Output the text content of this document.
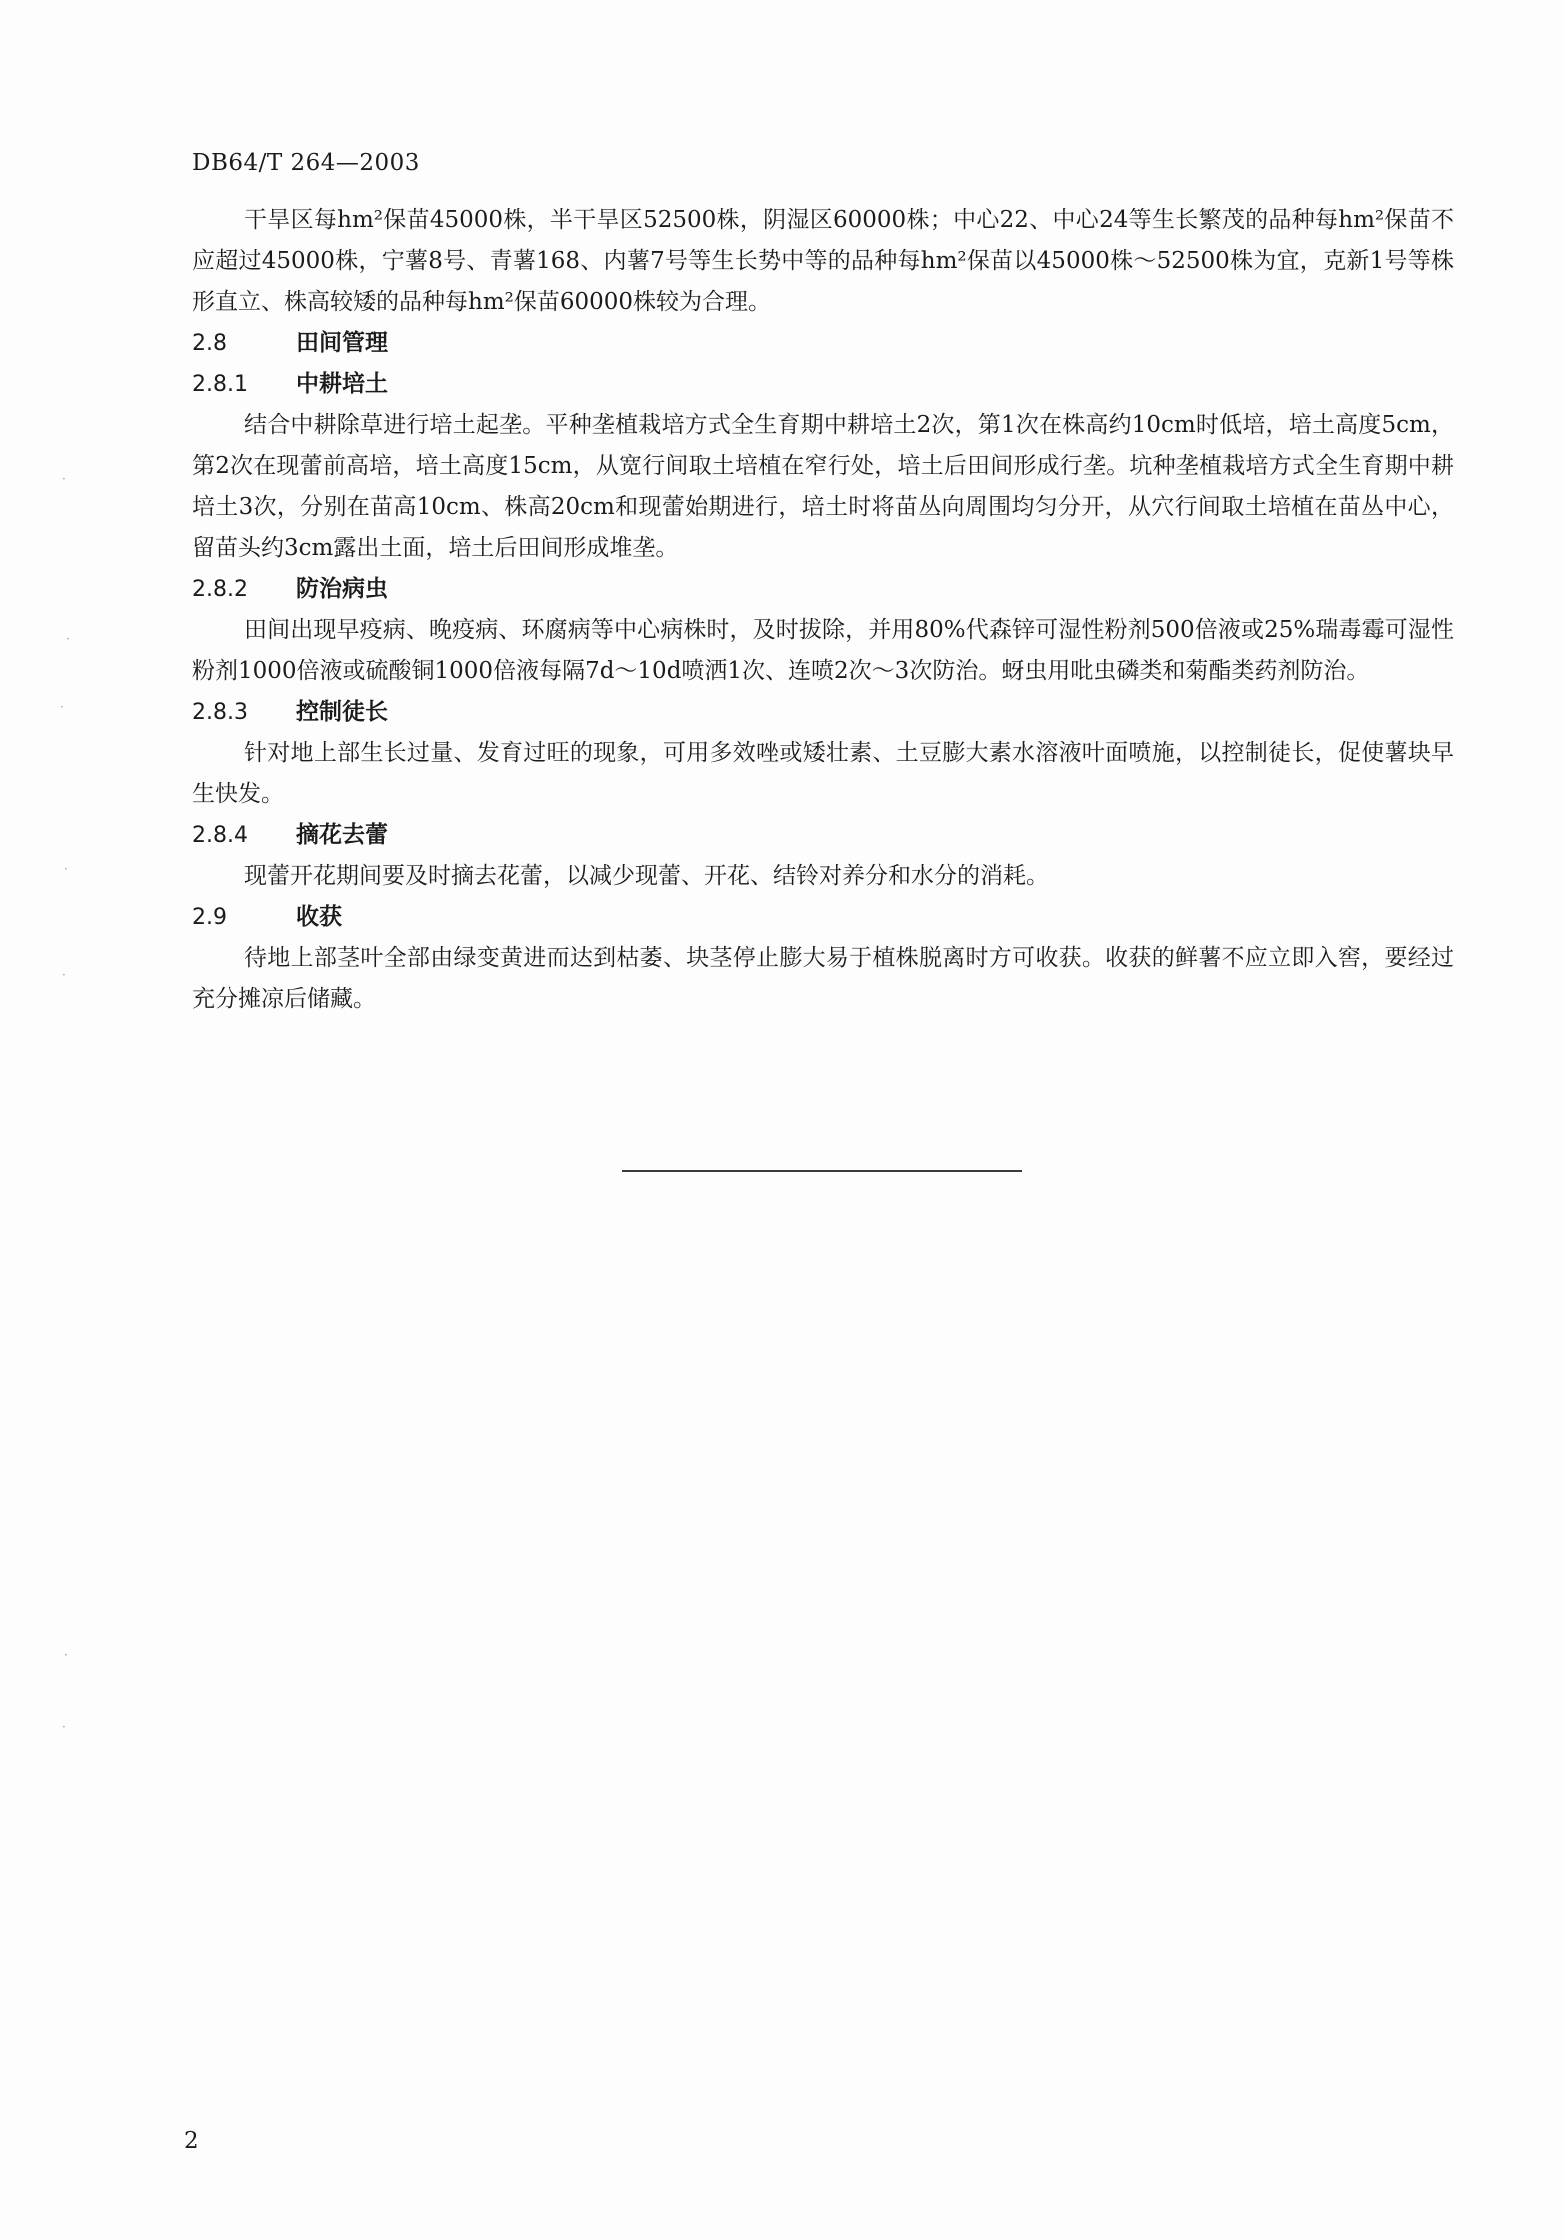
DB64/T 264—2003

干旱区每hm²保苗45000株，半干旱区52500株，阴湿区60000株；中心22、中心24等生长繁茂的品种每hm²保苗不应超过45000株，宁薯8号、青薯168、内薯7号等生长势中等的品种每hm²保苗以45000株～52500株为宜，克新1号等株形直立、株高较矮的品种每hm²保苗60000株较为合理。

2.8	田间管理
2.8.1 中耕培土

结合中耕除草进行培土起垄。平种垄植栽培方式全生育期中耕培土2次，第1次在株高约10cm时低培，培土高度5cm，第2次在现蕾前高培，培土高度15cm，从宽行间取土培植在窄行处，培土后田间形成行垄。坑种垄植栽培方式全生育期中耕培土3次，分别在苗高10cm、株高20cm和现蕾始期进行，培土时将苗丛向周围均匀分开，从穴行间取土培植在苗丛中心，留苗头约3cm露出土面，培土后田间形成堆垄。

2.8.2 防治病虫

田间出现早疫病、晚疫病、环腐病等中心病株时，及时拔除，并用80%代森锌可湿性粉剂500倍液或25%瑞毒霉可湿性粉剂1000倍液或硫酸铜1000倍液每隔7d～10d喷洒1次、连喷2次～3次防治。蚜虫用吡虫磷类和菊酯类药剂防治。

2.8.3 控制徒长

针对地上部生长过量、发育过旺的现象，可用多效唑或矮壮素、土豆膨大素水溶液叶面喷施，以控制徒长，促使薯块早生快发。

2.8.4 摘花去蕾

现蕾开花期间要及时摘去花蕾，以减少现蕾、开花、结铃对养分和水分的消耗。

2.9	收获

待地上部茎叶全部由绿变黄进而达到枯萎、块茎停止膨大易于植株脱离时方可收获。收获的鲜薯不应立即入窖，要经过充分摊凉后储藏。

2
·
·
·
·
·
·
·
